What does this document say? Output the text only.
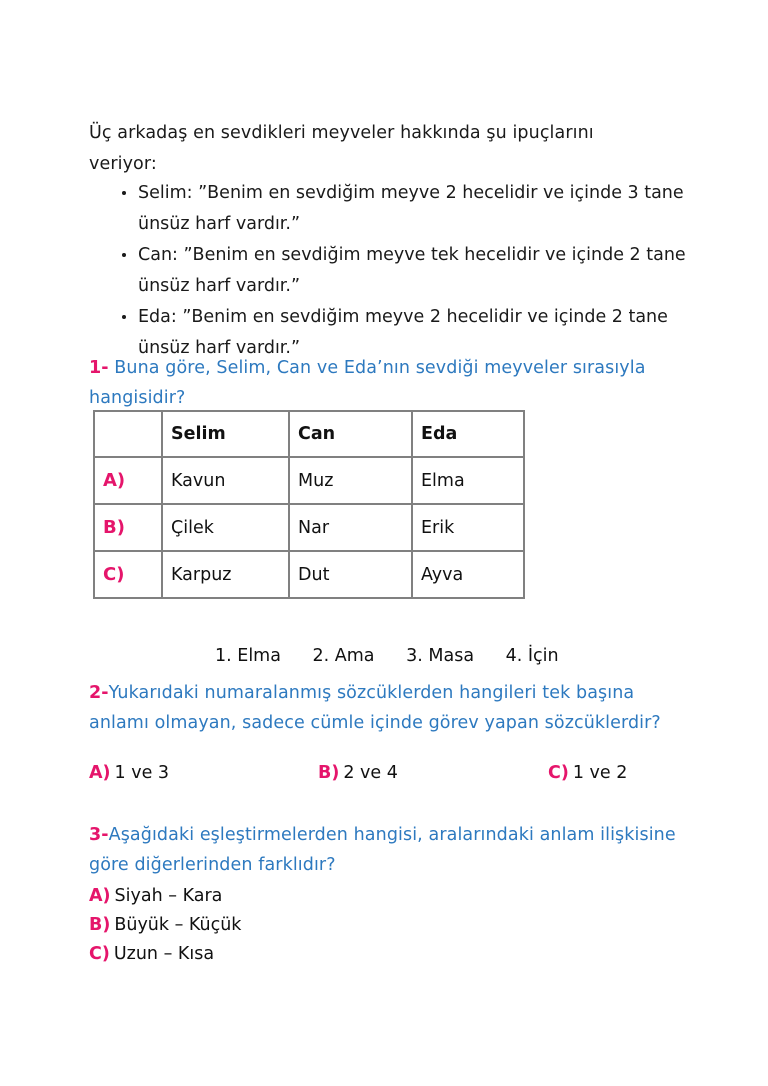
Üç arkadaş en sevdikleri meyveler hakkında şu ipuçlarını
veriyor:
Selim: ”Benim en sevdiğim meyve 2 hecelidir ve içinde 3 tane ünsüz harf vardır.”
Can: ”Benim en sevdiğim meyve tek hecelidir ve içinde 2 tane ünsüz harf vardır.”
Eda: ”Benim en sevdiğim meyve 2 hecelidir ve içinde 2 tane ünsüz harf vardır.”
1- Buna göre, Selim, Can ve Eda’nın sevdiği meyveler sırasıyla hangisidir?
	Selim	Can	Eda
A)	Kavun	Muz	Elma
B)	Çilek	Nar	Erik
C)	Karpuz	Dut	Ayva
1. Elma 2. Ama 3. Masa 4. İçin
2-Yukarıdaki numaralanmış sözcüklerden hangileri tek başına anlamı olmayan, sadece cümle içinde görev yapan sözcüklerdir?
A) 1 ve 3	B) 2 ve 4	C) 1 ve 2
3-Aşağıdaki eşleştirmelerden hangisi, aralarındaki anlam ilişkisine göre diğerlerinden farklıdır?
A) Siyah – Kara
B) Büyük – Küçük
C) Uzun – Kısa
